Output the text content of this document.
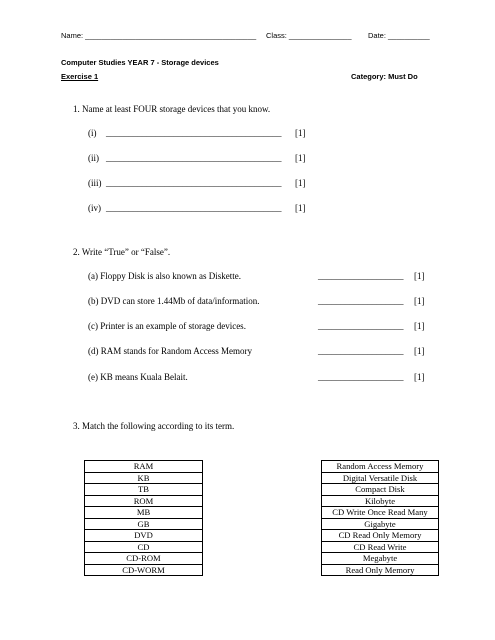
Name: _________________________________________ Class: _______________ Date: __________
Computer Studies YEAR 7 - Storage devices
Exercise 1	Category: Must Do
1. Name at least FOUR storage devices that you know.
(i) _______________________________________ [1]
(ii) _______________________________________ [1]
(iii) _______________________________________ [1]
(iv) _______________________________________ [1]
2. Write “True” or “False”.
(a) Floppy Disk is also known as Diskette.	___________________ [1]
(b) DVD can store 1.44Mb of data/information.	___________________ [1]
(c) Printer is an example of storage devices.	___________________ [1]
(d) RAM stands for Random Access Memory	___________________ [1]
(e) KB means Kuala Belait.	___________________ [1]
3. Match the following according to its term.
RAM
KB
TB
ROM
MB
GB
DVD
CD
CD-ROM
CD-WORM
Random Access Memory
Digital Versatile Disk
Compact Disk
Kilobyte
CD Write Once Read Many
Gigabyte
CD Read Only Memory
CD Read Write
Megabyte
Read Only Memory
